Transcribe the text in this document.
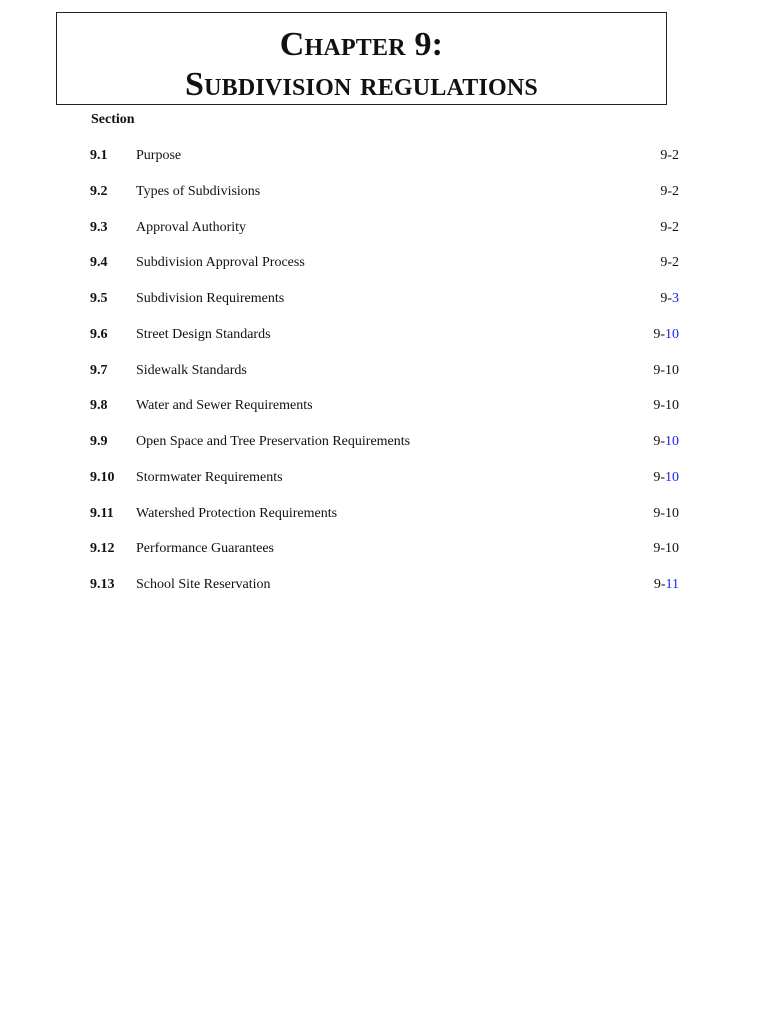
Chapter 9:
Subdivision regulations
Section
9.1 Purpose	9-2
9.2 Types of Subdivisions	9-2
9.3 Approval Authority	9-2
9.4 Subdivision Approval Process	9-2
9.5 Subdivision Requirements	9-3
9.6 Street Design Standards	9-10
9.7 Sidewalk Standards	9-10
9.8 Water and Sewer Requirements	9-10
9.9 Open Space and Tree Preservation Requirements	9-10
9.10 Stormwater Requirements	9-10
9.11 Watershed Protection Requirements	9-10
9.12 Performance Guarantees	9-10
9.13 School Site Reservation	9-11
